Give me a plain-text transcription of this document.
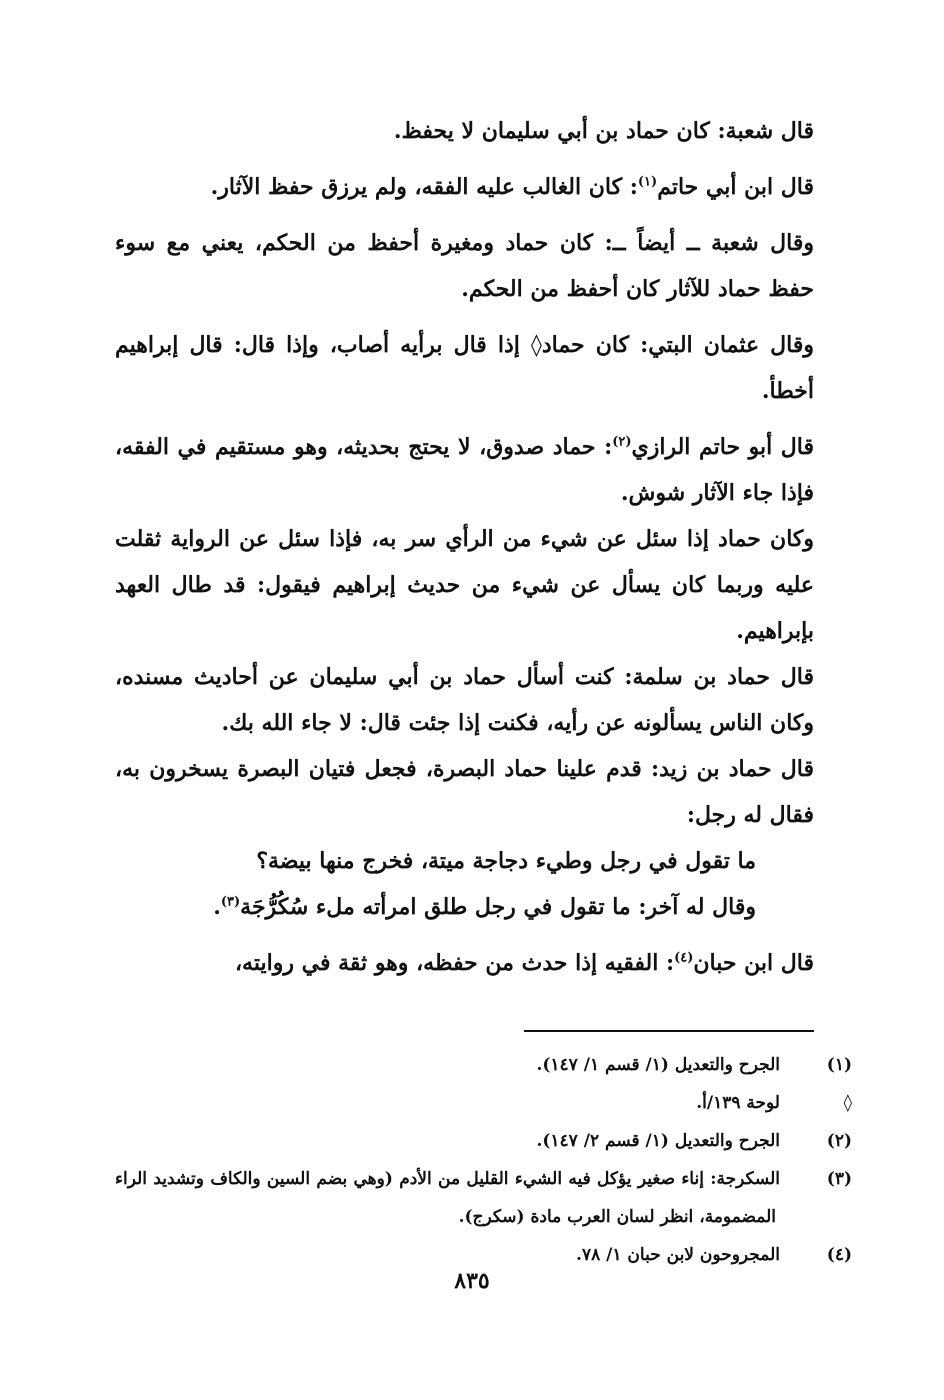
قال شعبة: كان حماد بن أبي سليمان لا يحفظ.

قال ابن أبي حاتم$^{(١)}$: كان الغالب عليه الفقه، ولم يرزق حفظ الآثار.

وقال شعبة ــ أيضاً ــ: كان حماد ومغيرة أحفظ من الحكم، يعني مع سوء حفظ حماد للآثار كان أحفظ من الحكم.

وقال عثمان البتي: كان حماد◊ إذا قال برأيه أصاب، وإذا قال: قال إبراهيم أخطأ.

قال أبو حاتم الرازي$^{(٢)}$: حماد صدوق، لا يحتج بحديثه، وهو مستقيم في الفقه، فإذا جاء الآثار شوش.

وكان حماد إذا سئل عن شيء من الرأي سر به، فإذا سئل عن الرواية ثقلت عليه وربما كان يسأل عن شيء من حديث إبراهيم فيقول: قد طال العهد بإبراهيم.

قال حماد بن سلمة: كنت أسأل حماد بن أبي سليمان عن أحاديث مسنده، وكان الناس يسألونه عن رأيه، فكنت إذا جئت قال: لا جاء الله بك.

قال حماد بن زيد: قدم علينا حماد البصرة، فجعل فتيان البصرة يسخرون به، فقال له رجل:

ما تقول في رجل وطيء دجاجة ميتة، فخرج منها بيضة؟

وقال له آخر: ما تقول في رجل طلق امرأته ملء سُكُرُّجَة$^{(٣)}$.

قال ابن حبان$^{(٤)}$: الفقيه إذا حدث من حفظه، وهو ثقة في روايته،

(١)الجرح والتعديل (١/ قسم ١/ ١٤٧).

◊لوحة ١٣٩/أ.

(٢)الجرح والتعديل (١/ قسم ٢/ ١٤٧).

(٣)السكرجة: إناء صغير يؤكل فيه الشيء القليل من الأدم (وهي بضم السين والكاف وتشديد الراء المضمومة، انظر لسان العرب مادة (سكرج).

(٤)المجروحون لابن حبان ١/ ٧٨.

٨٣٥
